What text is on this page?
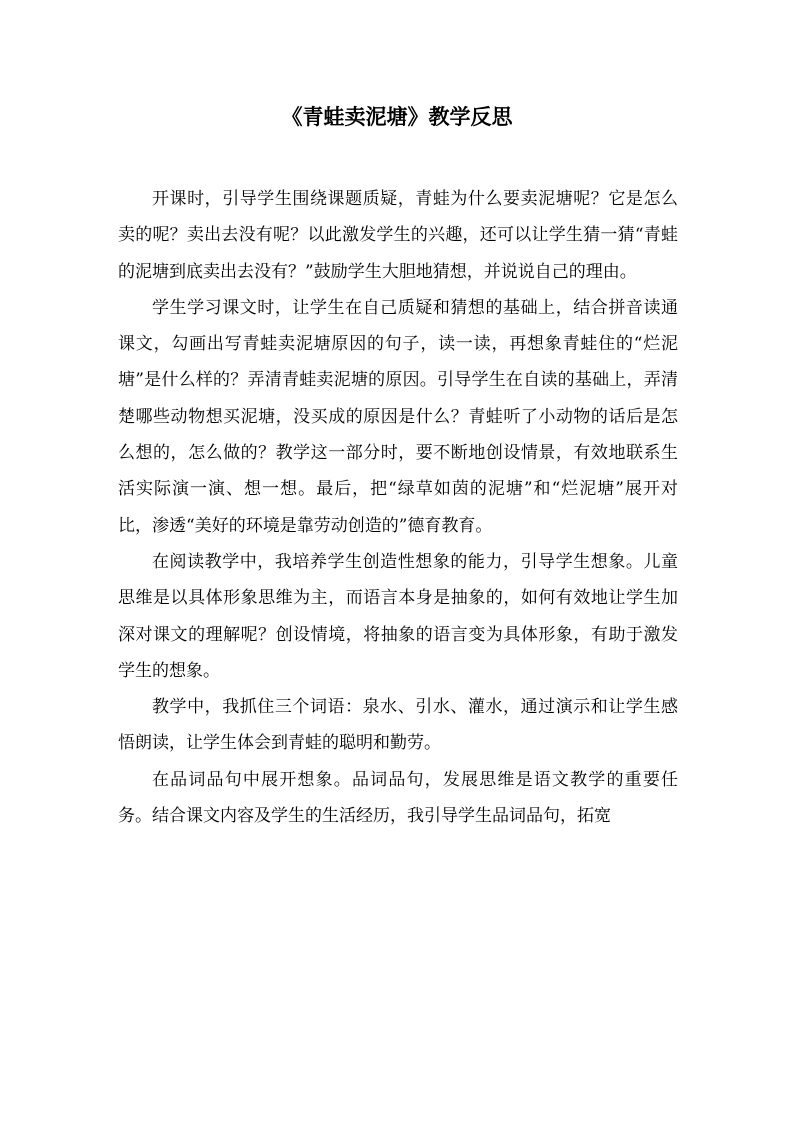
《青蛙卖泥塘》教学反思

开课时，引导学生围绕课题质疑，青蛙为什么要卖泥塘呢？它是怎么卖的呢？卖出去没有呢？以此激发学生的兴趣，还可以让学生猜一猜“青蛙的泥塘到底卖出去没有？”鼓励学生大胆地猜想，并说说自己的理由。

学生学习课文时，让学生在自己质疑和猜想的基础上，结合拼音读通课文，勾画出写青蛙卖泥塘原因的句子，读一读，再想象青蛙住的“烂泥塘”是什么样的？弄清青蛙卖泥塘的原因。引导学生在自读的基础上，弄清楚哪些动物想买泥塘，没买成的原因是什么？青蛙听了小动物的话后是怎么想的，怎么做的？教学这一部分时，要不断地创设情景，有效地联系生活实际演一演、想一想。最后，把“绿草如茵的泥塘”和“烂泥塘”展开对比，渗透“美好的环境是靠劳动创造的”德育教育。

在阅读教学中，我培养学生创造性想象的能力，引导学生想象。儿童思维是以具体形象思维为主，而语言本身是抽象的，如何有效地让学生加深对课文的理解呢？创设情境，将抽象的语言变为具体形象，有助于激发学生的想象。

教学中，我抓住三个词语：泉水、引水、灌水，通过演示和让学生感悟朗读，让学生体会到青蛙的聪明和勤劳。

在品词品句中展开想象。品词品句，发展思维是语文教学的重要任务。结合课文内容及学生的生活经历，我引导学生品词品句，拓宽
